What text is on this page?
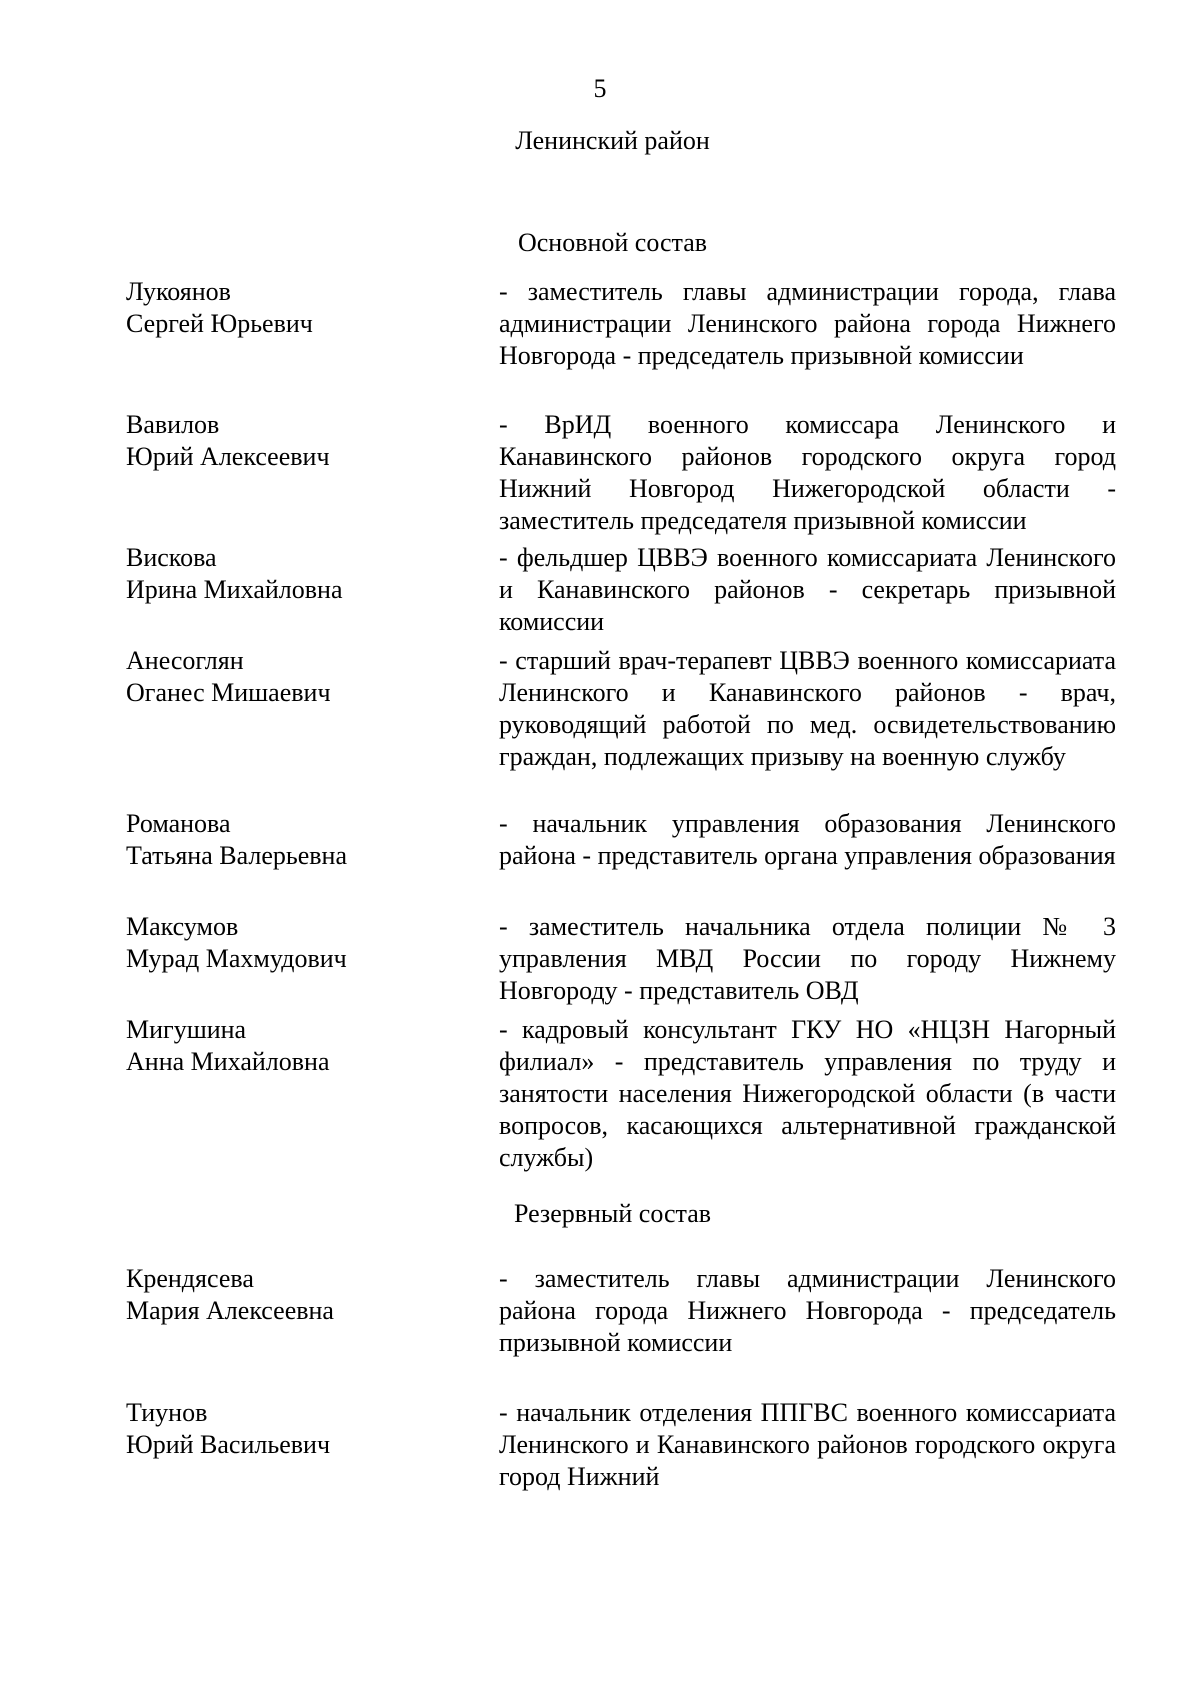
5
Ленинский район
Основной состав
Лукоянов
Сергей Юрьевич
- заместитель главы администрации города, глава администрации Ленинского района города Нижнего Новгорода - председатель призывной комиссии
Вавилов
Юрий Алексеевич
- ВрИД военного комиссара Ленинского и Канавинского районов городского округа город Нижний Новгород Нижегородской области - заместитель председателя призывной комиссии
Вискова
Ирина Михайловна
- фельдшер ЦВВЭ военного комиссариата Ленинского и Канавинского районов - секретарь призывной комиссии
Анесоглян
Оганес Мишаевич
- старший врач-терапевт ЦВВЭ военного комиссариата Ленинского и Канавинского районов - врач, руководящий работой по мед. освидетельствованию граждан, подлежащих призыву на военную службу
Романова
Татьяна Валерьевна
- начальник управления образования Ленинского района - представитель органа управления образования
Максумов
Мурад Махмудович
- заместитель начальника отдела полиции № 3 управления МВД России по городу Нижнему Новгороду - представитель ОВД
Мигушина
Анна Михайловна
- кадровый консультант ГКУ НО «НЦЗН Нагорный филиал» - представитель управления по труду и занятости населения Нижегородской области (в части вопросов, касающихся альтернативной гражданской службы)
Резервный состав
Крендясева
Мария Алексеевна
- заместитель главы администрации Ленинского района города Нижнего Новгорода - председатель призывной комиссии
Тиунов
Юрий Васильевич
- начальник отделения ППГВС военного комиссариата Ленинского и Канавинского районов городского округа город Нижний
